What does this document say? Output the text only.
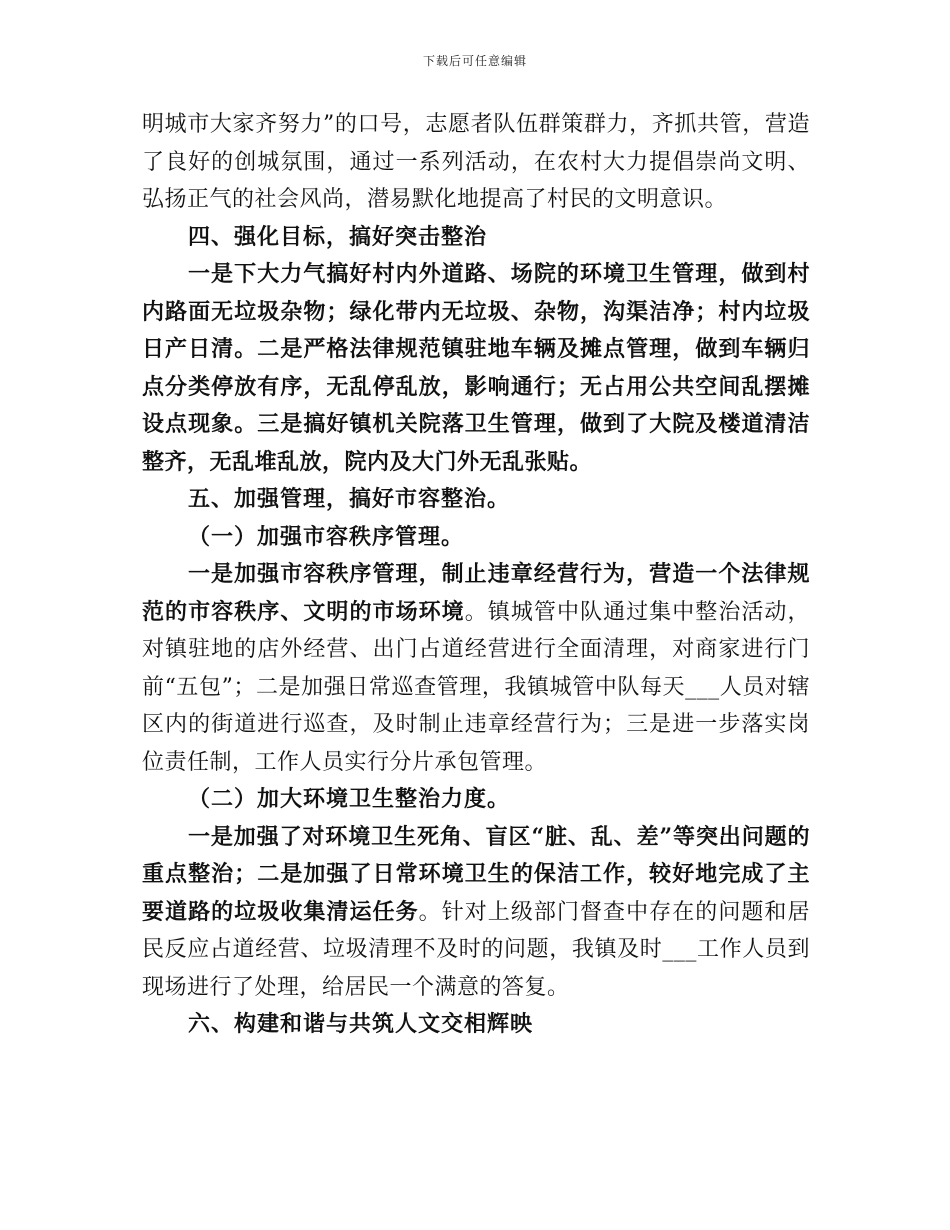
下载后可任意编辑

明城市大家齐努力”的口号，志愿者队伍群策群力，齐抓共管，营造了良好的创城氛围，通过一系列活动，在农村大力提倡崇尚文明、弘扬正气的社会风尚，潜易默化地提高了村民的文明意识。

四、强化目标，搞好突击整治

一是下大力气搞好村内外道路、场院的环境卫生管理，做到村内路面无垃圾杂物；绿化带内无垃圾、杂物，沟渠洁净；村内垃圾日产日清。二是严格法律规范镇驻地车辆及摊点管理，做到车辆归点分类停放有序，无乱停乱放，影响通行；无占用公共空间乱摆摊设点现象。三是搞好镇机关院落卫生管理，做到了大院及楼道清洁整齐，无乱堆乱放，院内及大门外无乱张贴。

五、加强管理，搞好市容整治。

（一）加强市容秩序管理。

一是加强市容秩序管理，制止违章经营行为，营造一个法律规范的市容秩序、文明的市场环境。镇城管中队通过集中整治活动，对镇驻地的店外经营、出门占道经营进行全面清理，对商家进行门前“五包”；二是加强日常巡查管理，我镇城管中队每天___人员对辖区内的街道进行巡查，及时制止违章经营行为；三是进一步落实岗位责任制，工作人员实行分片承包管理。

（二）加大环境卫生整治力度。

一是加强了对环境卫生死角、盲区“脏、乱、差”等突出问题的重点整治；二是加强了日常环境卫生的保洁工作，较好地完成了主要道路的垃圾收集清运任务。针对上级部门督查中存在的问题和居民反应占道经营、垃圾清理不及时的问题，我镇及时___工作人员到现场进行了处理，给居民一个满意的答复。

六、构建和谐与共筑人文交相辉映
